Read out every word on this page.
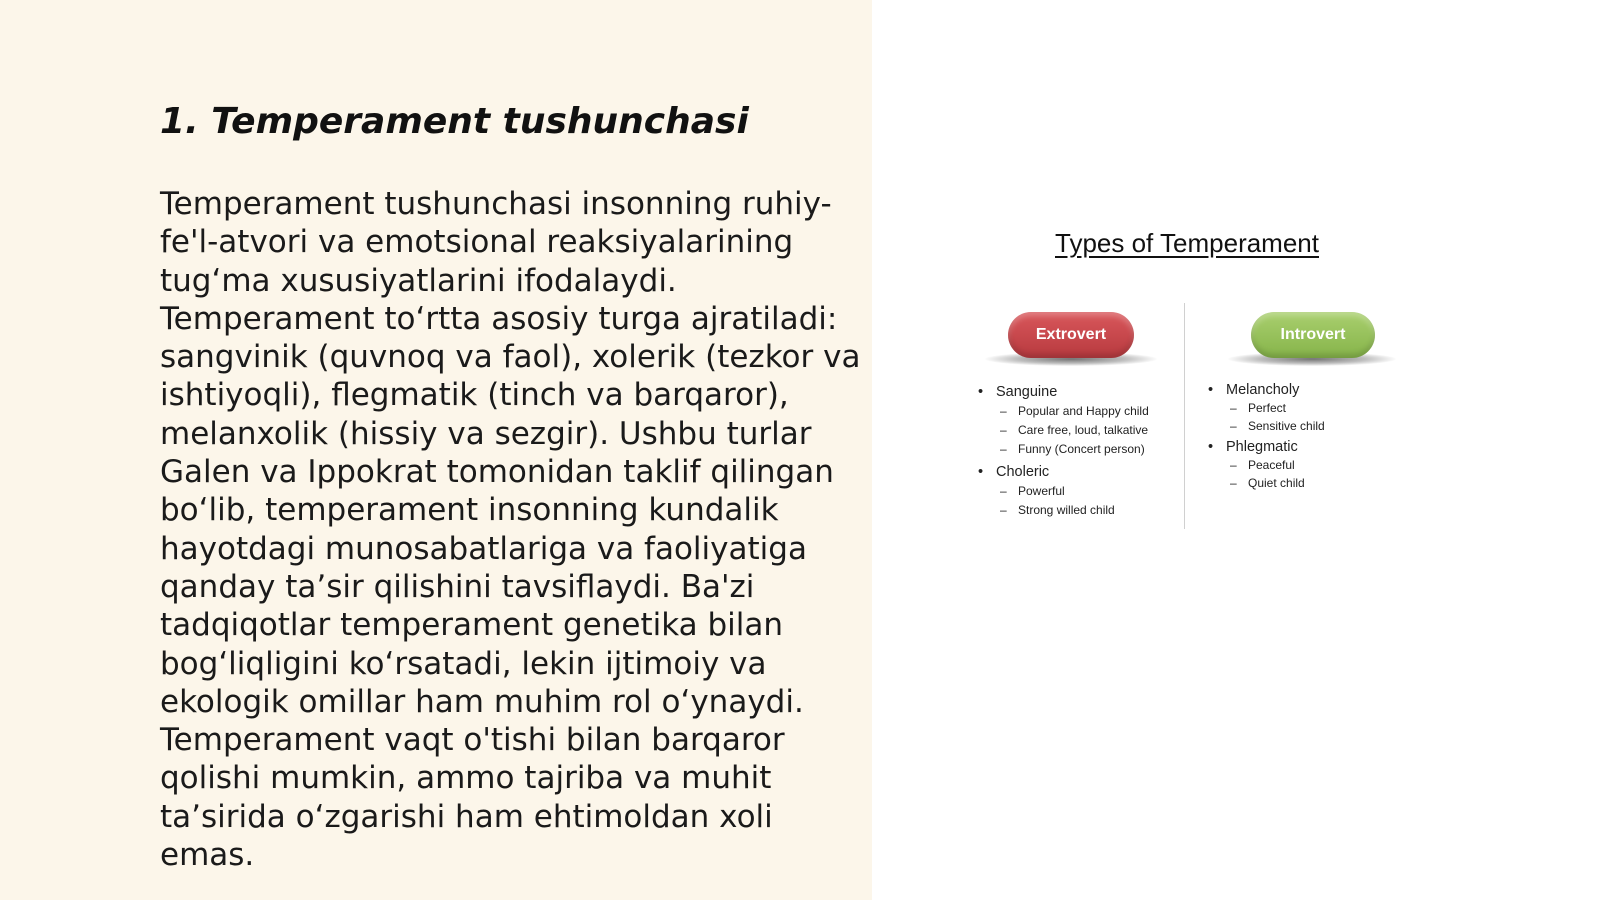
1. Temperament tushunchasi

Temperament tushunchasi insonning ruhiy-
fe'l-atvori va emotsional reaksiyalarining
tug‘ma xususiyatlarini ifodalaydi.
Temperament to‘rtta asosiy turga ajratiladi:
sangvinik (quvnoq va faol), xolerik (tezkor va
ishtiyoqli), flegmatik (tinch va barqaror),
melanxolik (hissiy va sezgir). Ushbu turlar
Galen va Ippokrat tomonidan taklif qilingan
bo‘lib, temperament insonning kundalik
hayotdagi munosabatlariga va faoliyatiga
qanday ta’sir qilishini tavsiflaydi. Ba'zi
tadqiqotlar temperament genetika bilan
bog‘liqligini ko‘rsatadi, lekin ijtimoiy va
ekologik omillar ham muhim rol o‘ynaydi.
Temperament vaqt o'tishi bilan barqaror
qolishi mumkin, ammo tajriba va muhit
ta’sirida o‘zgarishi ham ehtimoldan xoli
emas.

Types of Temperament
Extrovert	Introvert
• Sanguine
– Popular and Happy child
– Care free, loud, talkative
– Funny (Concert person)
• Choleric
– Powerful
– Strong willed child
• Melancholy
– Perfect
– Sensitive child
• Phlegmatic
– Peaceful
– Quiet child
